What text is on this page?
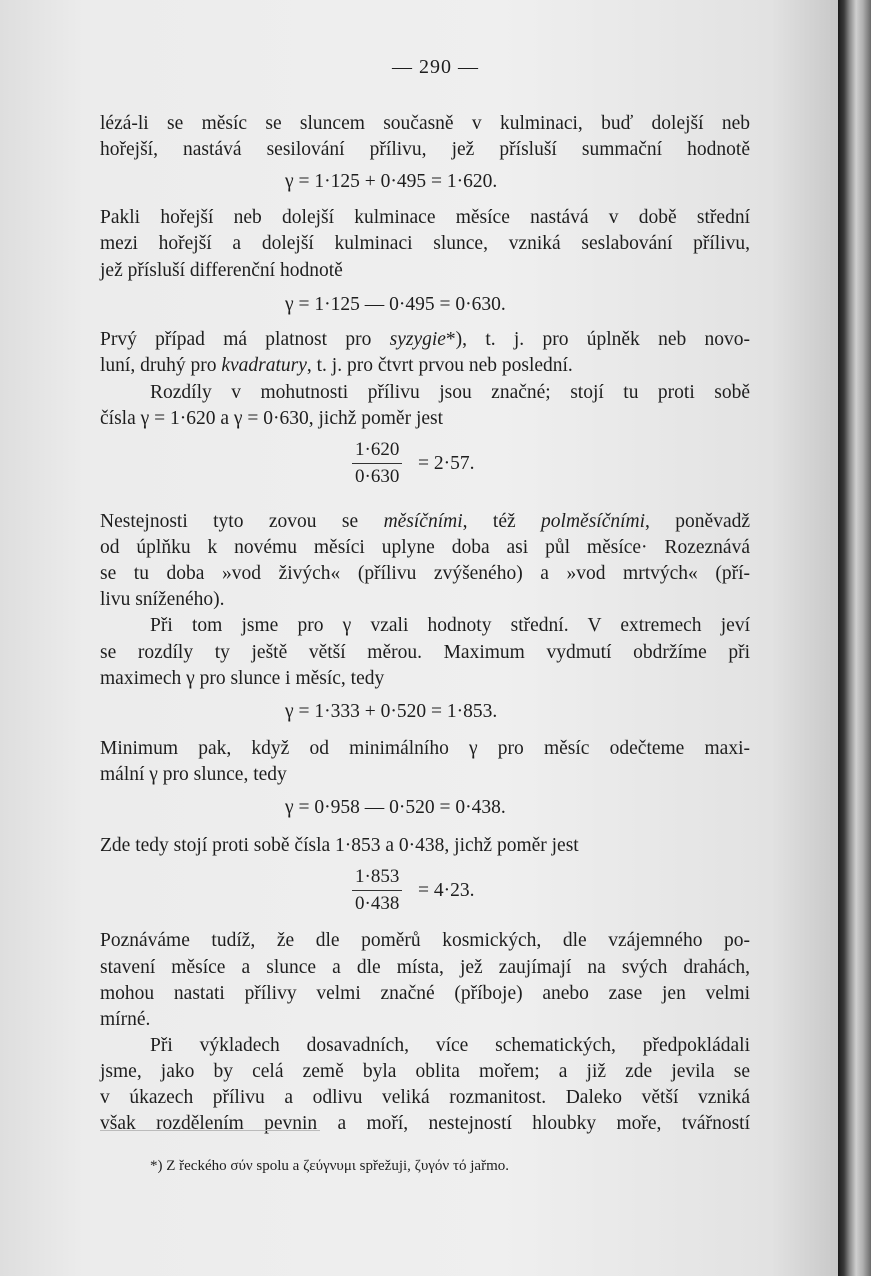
— 290 —
lézá-li se měsíc se sluncem současně v kulminaci, buď dolejší neb
hořejší, nastává sesilování přílivu, jež přísluší summační hodnotě
γ = 1·125 + 0·495 = 1·620.
Pakli hořejší neb dolejší kulminace měsíce nastává v době střední
mezi hořejší a dolejší kulminaci slunce, vzniká seslabování přílivu,
jež přísluší differenční hodnotě
γ = 1·125 — 0·495 = 0·630.
Prvý případ má platnost pro syzygie*), t. j. pro úplněk neb novo-
luní, druhý pro kvadratury, t. j. pro čtvrt prvou neb poslední.
Rozdíly v mohutnosti přílivu jsou značné; stojí tu proti sobě
čísla γ = 1·620 a γ = 0·630, jichž poměr jest
$\frac{1\cdot 620}{0\cdot 630} = 2\cdot 57$.
Nestejnosti tyto zovou se měsíčními, též polměsíčními, poněvadž
od úplňku k novému měsíci uplyne doba asi půl měsíce· Rozeznává
se tu doba »vod živých« (přílivu zvýšeného) a »vod mrtvých« (pří-
livu sníženého).
Při tom jsme pro γ vzali hodnoty střední. V extremech jeví
se rozdíly ty ještě větší měrou. Maximum vydmutí obdržíme při
maximech γ pro slunce i měsíc, tedy
γ = 1·333 + 0·520 = 1·853.
Minimum pak, když od minimálního γ pro měsíc odečteme maxi-
mální γ pro slunce, tedy
γ = 0·958 — 0·520 = 0·438.
Zde tedy stojí proti sobě čísla 1·853 a 0·438, jichž poměr jest
$\frac{1\cdot 853}{0\cdot 438} = 4\cdot 23$.
Poznáváme tudíž, že dle poměrů kosmických, dle vzájemného po-
stavení měsíce a slunce a dle místa, jež zaujímají na svých drahách,
mohou nastati přílivy velmi značné (příboje) anebo zase jen velmi
mírné.
Při výkladech dosavadních, více schematických, předpokládali
jsme, jako by celá země byla oblita mořem; a již zde jevila se
v úkazech přílivu a odlivu veliká rozmanitost. Daleko větší vzniká
však rozdělením pevnin a moří, nestejností hloubky moře, tvářností
*) Z řeckého σύν spolu a ζεύγνυμι spřežuji, ζυγόν τό jařmo.
